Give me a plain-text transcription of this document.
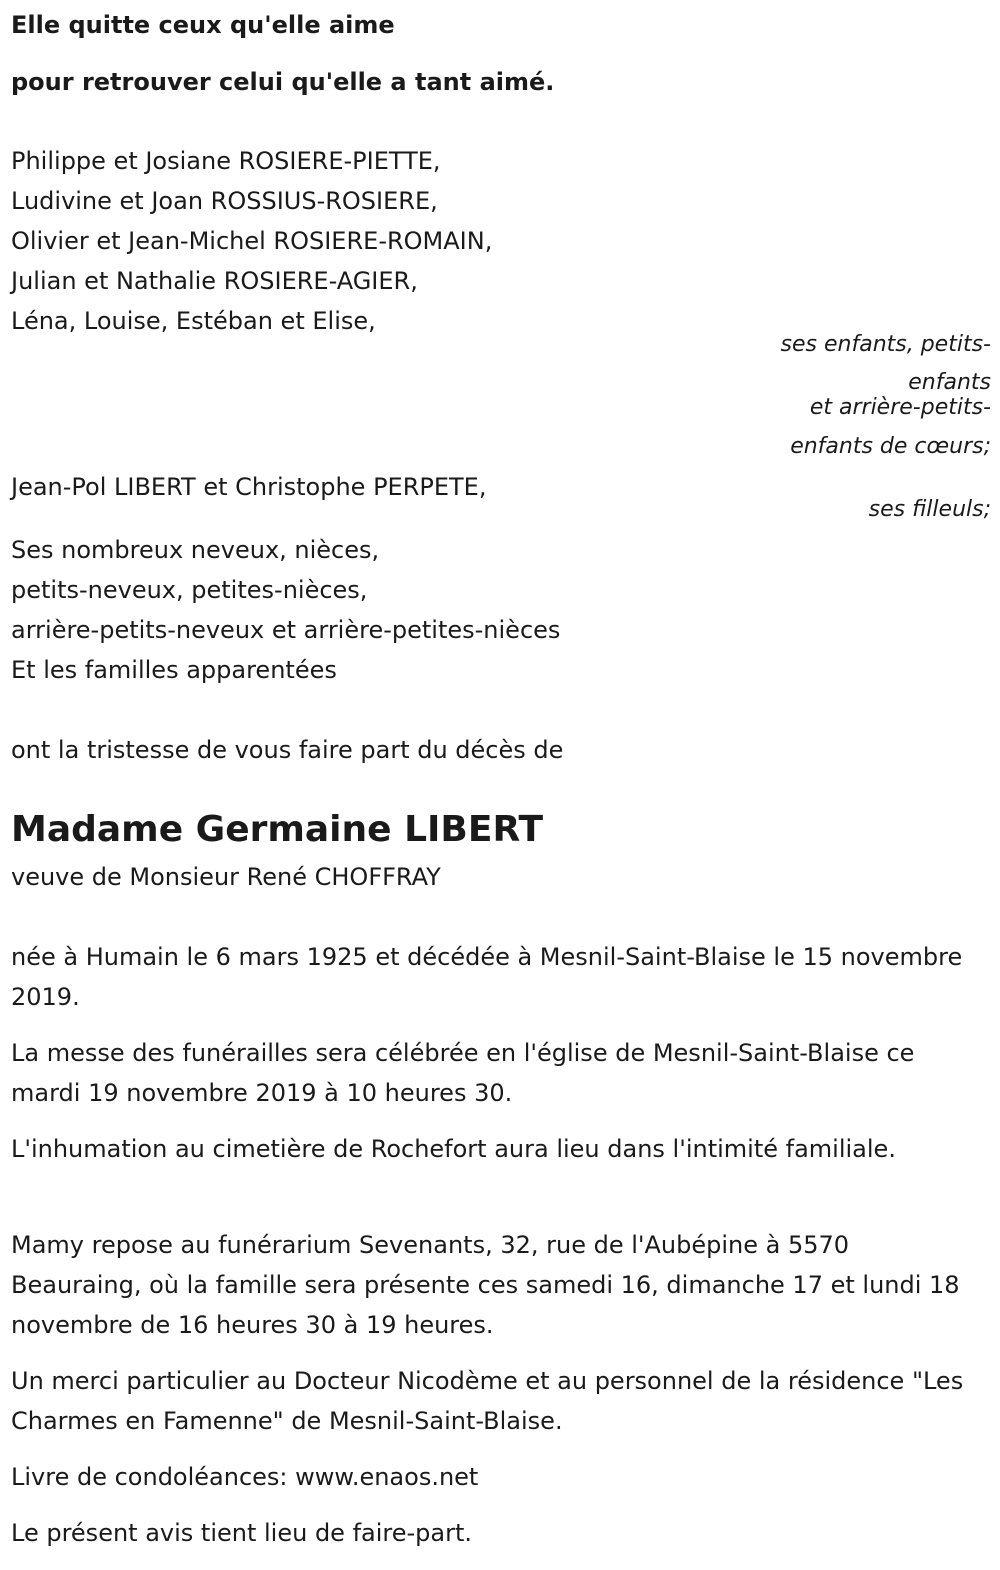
Elle quitte ceux qu'elle aime
pour retrouver celui qu'elle a tant aimé.
Philippe et Josiane ROSIERE-PIETTE,
Ludivine et Joan ROSSIUS-ROSIERE,
Olivier et Jean-Michel ROSIERE-ROMAIN,
Julian et Nathalie ROSIERE-AGIER,
Léna, Louise, Estéban et Elise,
ses enfants, petits-
enfants
et arrière-petits-
enfants de cœurs;
Jean-Pol LIBERT et Christophe PERPETE,
ses filleuls;
Ses nombreux neveux, nièces,
petits-neveux, petites-nièces,
arrière-petits-neveux et arrière-petites-nièces
Et les familles apparentées
ont la tristesse de vous faire part du décès de
Madame Germaine LIBERT
veuve de Monsieur René CHOFFRAY
née à Humain le 6 mars 1925 et décédée à Mesnil-Saint-Blaise le 15 novembre 2019.
La messe des funérailles sera célébrée en l'église de Mesnil-Saint-Blaise ce mardi 19 novembre 2019 à 10 heures 30.
L'inhumation au cimetière de Rochefort aura lieu dans l'intimité familiale.
Mamy repose au funérarium Sevenants, 32, rue de l'Aubépine à 5570 Beauraing, où la famille sera présente ces samedi 16, dimanche 17 et lundi 18 novembre de 16 heures 30 à 19 heures.
Un merci particulier au Docteur Nicodème et au personnel de la résidence "Les Charmes en Famenne" de Mesnil-Saint-Blaise.
Livre de condoléances: www.enaos.net
Le présent avis tient lieu de faire-part.
